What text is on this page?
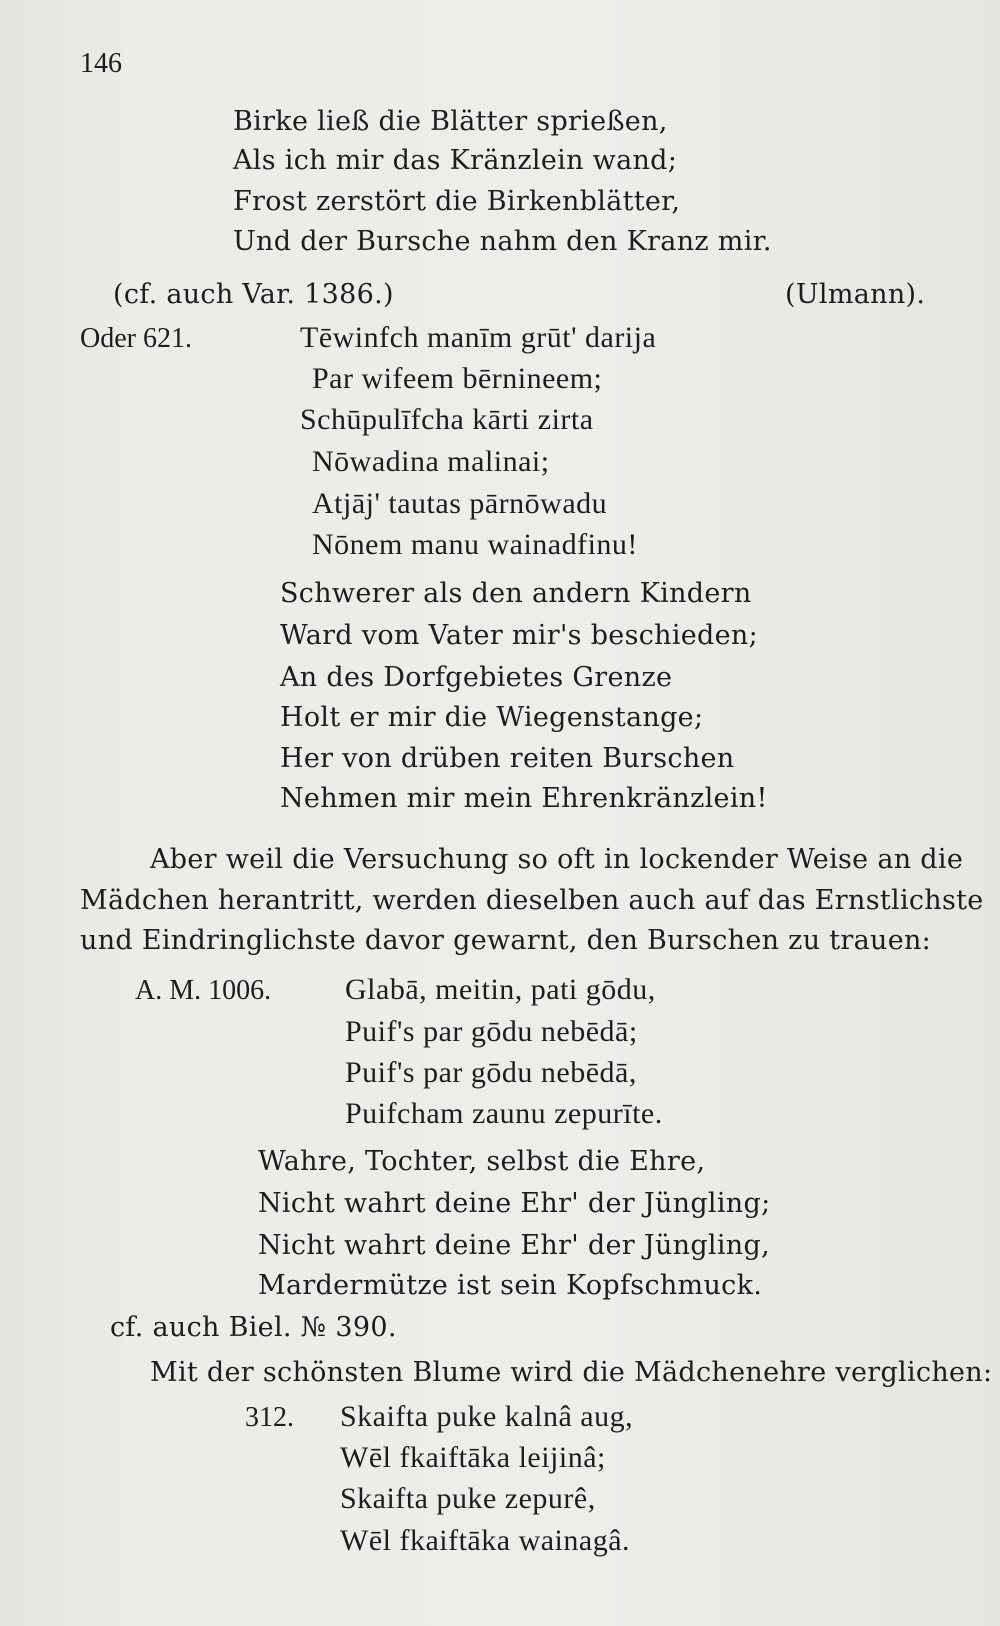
146
Birke ließ die Blätter sprießen,
Als ich mir das Kränzlein wand;
Frost zerstört die Birkenblätter,
Und der Bursche nahm den Kranz mir.
(cf. auch Var. 1386.)	(Ulmann).
Oder 621.	Tēwinfch manīm grūt' darija
Par wifeem bērnineem;
Schūpulīfcha kārti zirta
Nōwadina malinai;
Atjāj' tautas pārnōwadu
Nōnem manu wainadfinu!
Schwerer als den andern Kindern
Ward vom Vater mir's beschieden;
An des Dorfgebietes Grenze
Holt er mir die Wiegenstange;
Her von drüben reiten Burschen
Nehmen mir mein Ehrenkränzlein!
Aber weil die Versuchung so oft in lockender Weise an die
Mädchen herantritt, werden dieselben auch auf das Ernstlichste
und Eindringlichste davor gewarnt, den Burschen zu trauen:
A. M. 1006. Glabā, meitin, pati gōdu,
Puif's par gōdu nebēdā;
Puif's par gōdu nebēdā,
Puifcham zaunu zepurīte.
Wahre, Tochter, selbst die Ehre,
Nicht wahrt deine Ehr' der Jüngling;
Nicht wahrt deine Ehr' der Jüngling,
Mardermütze ist sein Kopfschmuck.
cf. auch Biel. № 390.
Mit der schönsten Blume wird die Mädchenehre verglichen:
312. Skaifta puke kalnâ aug,
Wēl fkaiftāka leijinâ;
Skaifta puke zepurê,
Wēl fkaiftāka wainagâ.
